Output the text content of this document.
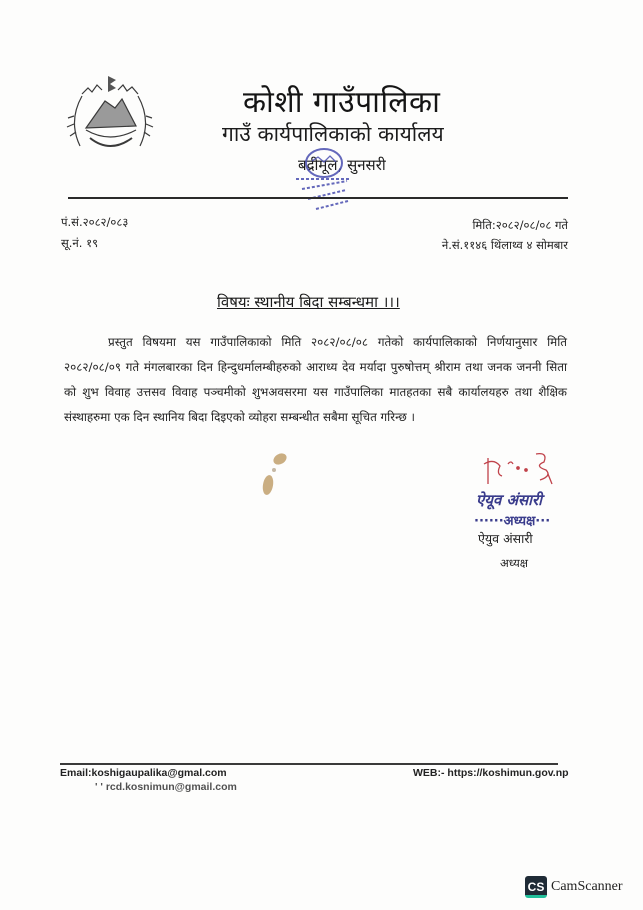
कोशी गाउँपालिका
गाउँ कार्यपालिकाको कार्यालय
बद्रीमूल, सुनसरी
पं.सं.२०८२/०८३
सू.नं. १९
मिति:२०८२/०८/०८ गते
ने.सं.११४६ थिंलाथ्व ४ सोमबार
विषयः स्थानीय बिदा सम्बन्धमा ।।।
प्रस्तुत विषयमा यस गाउँपालिकाको मिति २०८२/०८/०८ गतेको कार्यपालिकाको निर्णयानुसार मिति २०८२/०८/०९ गते मंगलबारका दिन हिन्दुधर्मालम्बीहरुको आराध्य देव मर्यादा पुरुषोत्तम् श्रीराम तथा जनक जननी सिता को शुभ विवाह उत्तसव विवाह पञ्चमीको शुभअवसरमा यस गाउँपालिका मातहतका सबै कार्यालयहरु तथा शैक्षिक संस्थाहरुमा एक दिन स्थानिय बिदा दिइएको व्योहरा सम्बन्धीत सबैमा सूचित गरिन्छ ।
ऐयूव अंसारी
······अध्यक्ष···
ऐयुव अंसारी
अध्यक्ष
Email:koshigaupalika@gmal.com
' ' rcd.kosnimun@gmail.com
WEB:- https://koshimun.gov.np
CS CamScanner
